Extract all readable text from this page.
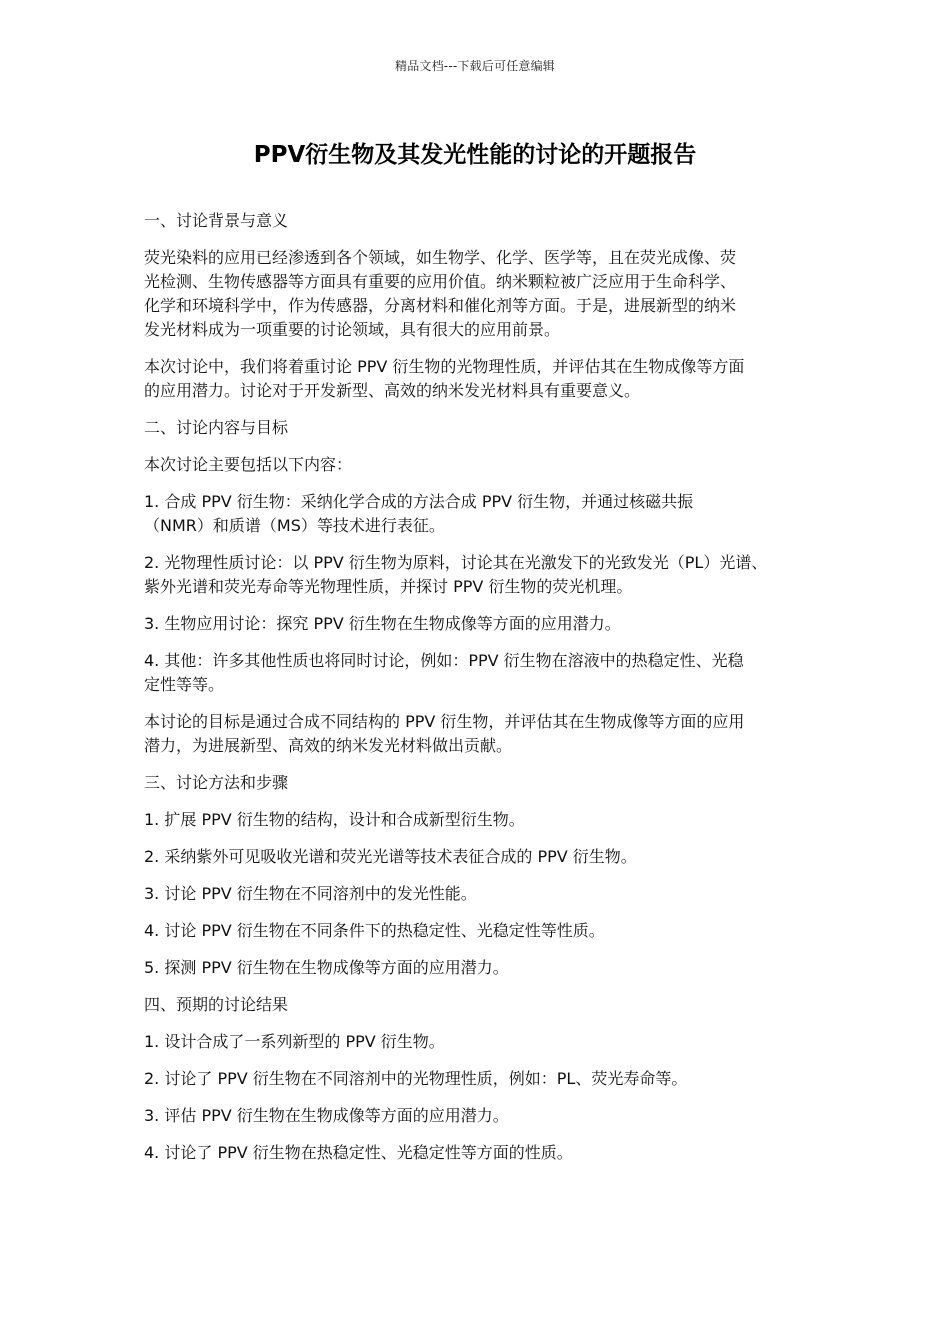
精品文档---下载后可任意编辑
PPV衍生物及其发光性能的讨论的开题报告

一、讨论背景与意义

荧光染料的应用已经渗透到各个领域，如生物学、化学、医学等，且在荧光成像、荧
光检测、生物传感器等方面具有重要的应用价值。纳米颗粒被广泛应用于生命科学、
化学和环境科学中，作为传感器，分离材料和催化剂等方面。于是，进展新型的纳米
发光材料成为一项重要的讨论领域，具有很大的应用前景。

本次讨论中，我们将着重讨论 PPV 衍生物的光物理性质，并评估其在生物成像等方面
的应用潜力。讨论对于开发新型、高效的纳米发光材料具有重要意义。

二、讨论内容与目标

本次讨论主要包括以下内容：

1. 合成 PPV 衍生物：采纳化学合成的方法合成 PPV 衍生物，并通过核磁共振
（NMR）和质谱（MS）等技术进行表征。

2. 光物理性质讨论：以 PPV 衍生物为原料，讨论其在光激发下的光致发光（PL）光谱、
紫外光谱和荧光寿命等光物理性质，并探讨 PPV 衍生物的荧光机理。

3. 生物应用讨论：探究 PPV 衍生物在生物成像等方面的应用潜力。

4. 其他：许多其他性质也将同时讨论，例如：PPV 衍生物在溶液中的热稳定性、光稳
定性等等。

本讨论的目标是通过合成不同结构的 PPV 衍生物，并评估其在生物成像等方面的应用
潜力，为进展新型、高效的纳米发光材料做出贡献。

三、讨论方法和步骤

1. 扩展 PPV 衍生物的结构，设计和合成新型衍生物。

2. 采纳紫外可见吸收光谱和荧光光谱等技术表征合成的 PPV 衍生物。

3. 讨论 PPV 衍生物在不同溶剂中的发光性能。

4. 讨论 PPV 衍生物在不同条件下的热稳定性、光稳定性等性质。

5. 探测 PPV 衍生物在生物成像等方面的应用潜力。

四、预期的讨论结果

1. 设计合成了一系列新型的 PPV 衍生物。

2. 讨论了 PPV 衍生物在不同溶剂中的光物理性质，例如：PL、荧光寿命等。

3. 评估 PPV 衍生物在生物成像等方面的应用潜力。

4. 讨论了 PPV 衍生物在热稳定性、光稳定性等方面的性质。
